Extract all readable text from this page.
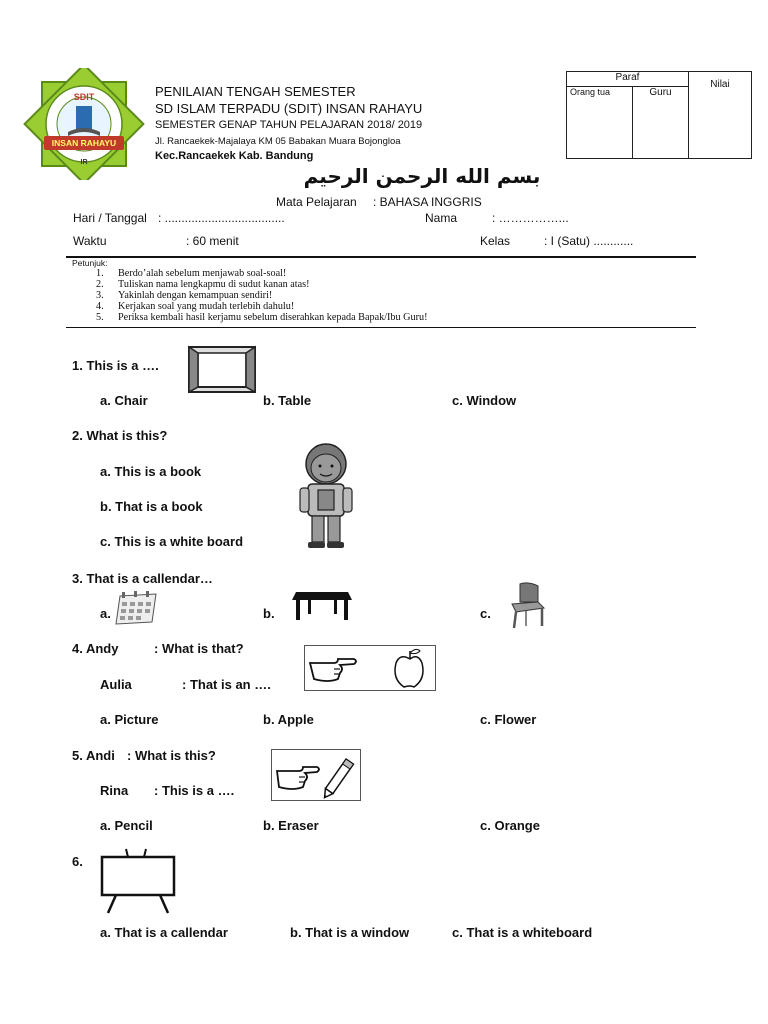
SDIT
INSAN RAHAYU
IR
PENILAIAN TENGAH SEMESTER
SD ISLAM TERPADU (SDIT) INSAN RAHAYU
SEMESTER GENAP TAHUN PELAJARAN 2018/ 2019
Jl. Rancaekek-Majalaya KM 05 Babakan Muara Bojongloa
Kec.Rancaekek Kab. Bandung
Paraf		Nilai
Orang tua	Guru	
بسم الله الرحمن الرحيم
Mata Pelajaran : BAHASA INGGRIS
Hari / Tanggal : ....................................	Nama	: ……………...
Waktu	: 60 menit	Kelas	: I (Satu) ............
Petunjuk:
1. Berdo’alah sebelum menjawab soal-soal!
2. Tuliskan nama lengkapmu di sudut kanan atas!
3. Yakinlah dengan kemampuan sendiri!
4. Kerjakan soal yang mudah terlebih dahulu!
5. Periksa kembali hasil kerjamu sebelum diserahkan kepada Bapak/Ibu Guru!
1. This is a ….
a. Chair	b. Table	c. Window
2. What is this?
a. This is a book
b. That is a book
c. This is a white board
3. That is a callendar…
a.	b.	c.
4. Andy	: What is that?
Aulia	: That is an ….
a. Picture	b. Apple	c. Flower
5. Andi : What is this?
Rina : This is a ….
a. Pencil	b. Eraser	c. Orange
6.
a. That is a callendar	b. That is a window	c. That is a whiteboard
